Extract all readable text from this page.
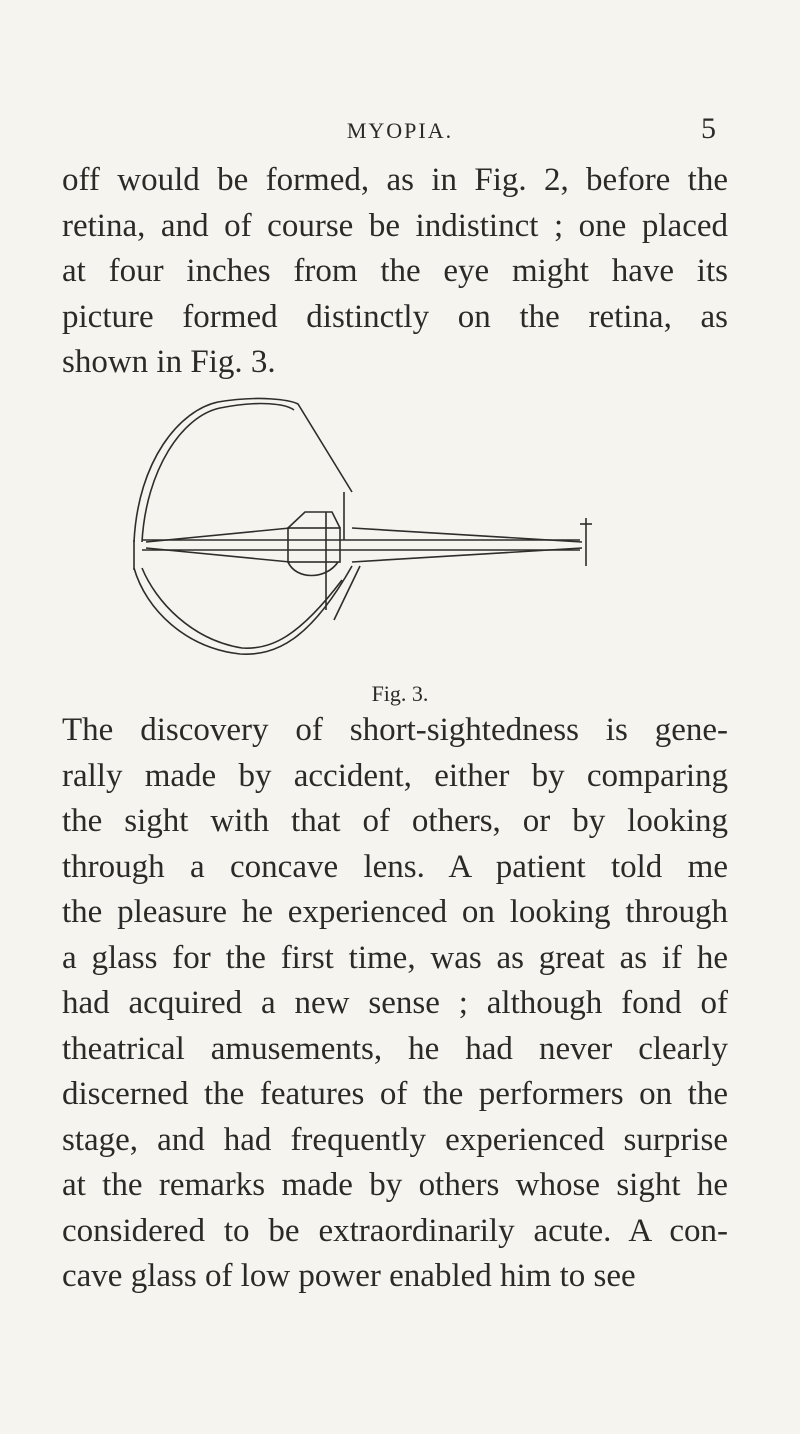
MYOPIA.	5

off would be formed, as in Fig. 2, before the
retina, and of course be indistinct ; one placed
at four inches from the eye might have its
picture formed distinctly on the retina, as
shown in Fig. 3.

Fig. 3.

The discovery of short-sightedness is gene-
rally made by accident, either by comparing
the sight with that of others, or by looking
through a concave lens. A patient told me
the pleasure he experienced on looking through
a glass for the first time, was as great as if he
had acquired a new sense ; although fond of
theatrical amusements, he had never clearly
discerned the features of the performers on the
stage, and had frequently experienced surprise
at the remarks made by others whose sight he
considered to be extraordinarily acute. A con-
cave glass of low power enabled him to see
